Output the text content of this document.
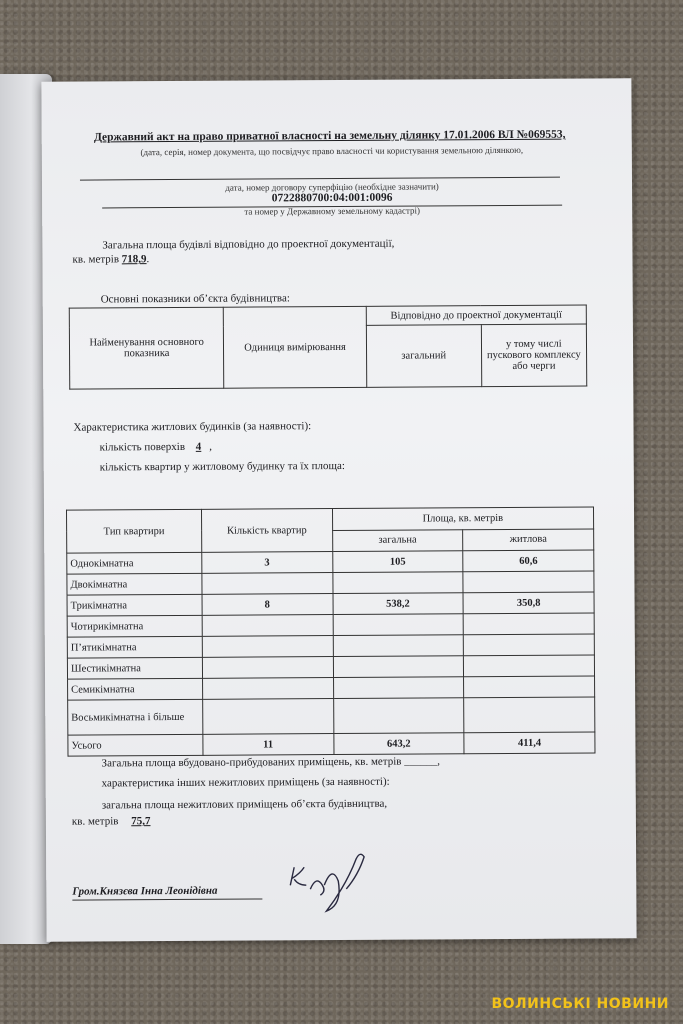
Державний акт на право приватної власності на земельну ділянку 17.01.2006 ВЛ №069553,
(дата, серія, номер документа, що посвідчує право власності чи користування земельною ділянкою,
дата, номер договору суперфіцію (необхідне зазначити)
0722880700:04:001:0096
та номер у Державному земельному кадастрі)
Загальна площа будівлі відповідно до проектної документації,
кв. метрів 718,9.
Основні показники об’єкта будівництва:
Найменування основного показника	Одиниця вимірювання	Відповідно до проектної документації	
		загальний	у тому числі пускового комплексу або черги
Характеристика житлових будинків (за наявності):
кількість поверхів 4 ,
кількість квартир у житловому будинку та їх площа:
Тип квартири	Кількість квартир	Площа, кв. метрів	
		загальна	житлова
Однокімнатна	3	105	60,6
Двокімнатна			
Трикімнатна	8	538,2	350,8
Чотирикімнатна			
П’ятикімнатна			
Шестикімнатна			
Семикімнатна			
Восьмикімнатна і більше			
Усього	11	643,2	411,4
Загальна площа вбудовано-прибудованих приміщень, кв. метрів ______,
характеристика інших нежитлових приміщень (за наявності):
загальна площа нежитлових приміщень об’єкта будівництва,
кв. метрів 75,7
Гром.Князєва Інна Леонідівна
ВОЛИНСЬКІ НОВИНИ
